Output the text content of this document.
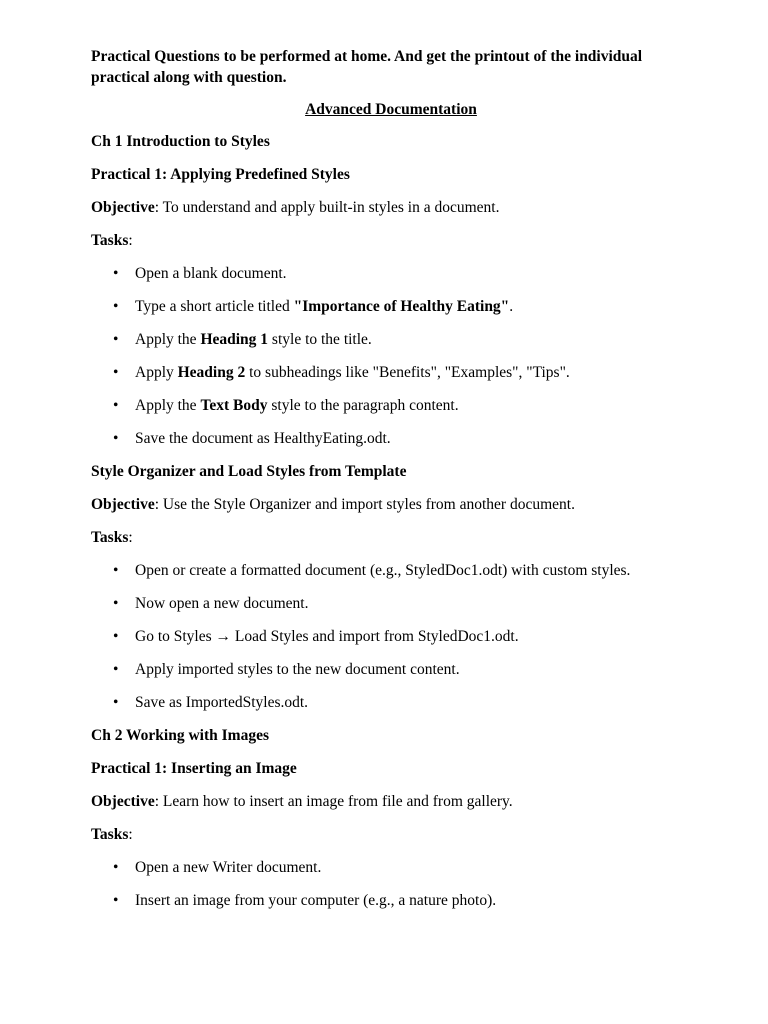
Practical Questions to be performed at home. And get the printout of the individual practical along with question.

Advanced Documentation

Ch 1 Introduction to Styles

Practical 1: Applying Predefined Styles

Objective: To understand and apply built-in styles in a document.

Tasks:

• Open a blank document.
• Type a short article titled "Importance of Healthy Eating".
• Apply the Heading 1 style to the title.
• Apply Heading 2 to subheadings like "Benefits", "Examples", "Tips".
• Apply the Text Body style to the paragraph content.
• Save the document as HealthyEating.odt.

Style Organizer and Load Styles from Template

Objective: Use the Style Organizer and import styles from another document.

Tasks:

• Open or create a formatted document (e.g., StyledDoc1.odt) with custom styles.
• Now open a new document.
• Go to Styles → Load Styles and import from StyledDoc1.odt.
• Apply imported styles to the new document content.
• Save as ImportedStyles.odt.

Ch 2 Working with Images

Practical 1: Inserting an Image

Objective: Learn how to insert an image from file and from gallery.

Tasks:

• Open a new Writer document.
• Insert an image from your computer (e.g., a nature photo).
